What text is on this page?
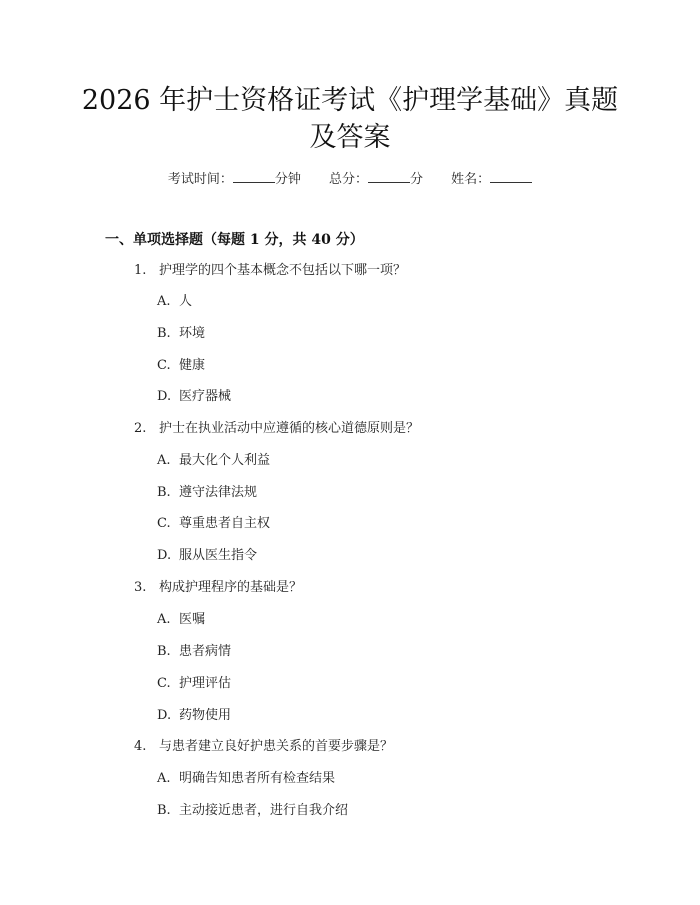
2026 年护士资格证考试《护理学基础》真题
及答案
考试时间：	分钟 总分：	分 姓名：
一、单项选择题（每题 1 分，共 40 分）
1. 护理学的四个基本概念不包括以下哪一项？
A. 人
B. 环境
C. 健康
D. 医疗器械
2. 护士在执业活动中应遵循的核心道德原则是？
A. 最大化个人利益
B. 遵守法律法规
C. 尊重患者自主权
D. 服从医生指令
3. 构成护理程序的基础是？
A. 医嘱
B. 患者病情
C. 护理评估
D. 药物使用
4. 与患者建立良好护患关系的首要步骤是？
A. 明确告知患者所有检查结果
B. 主动接近患者，进行自我介绍
